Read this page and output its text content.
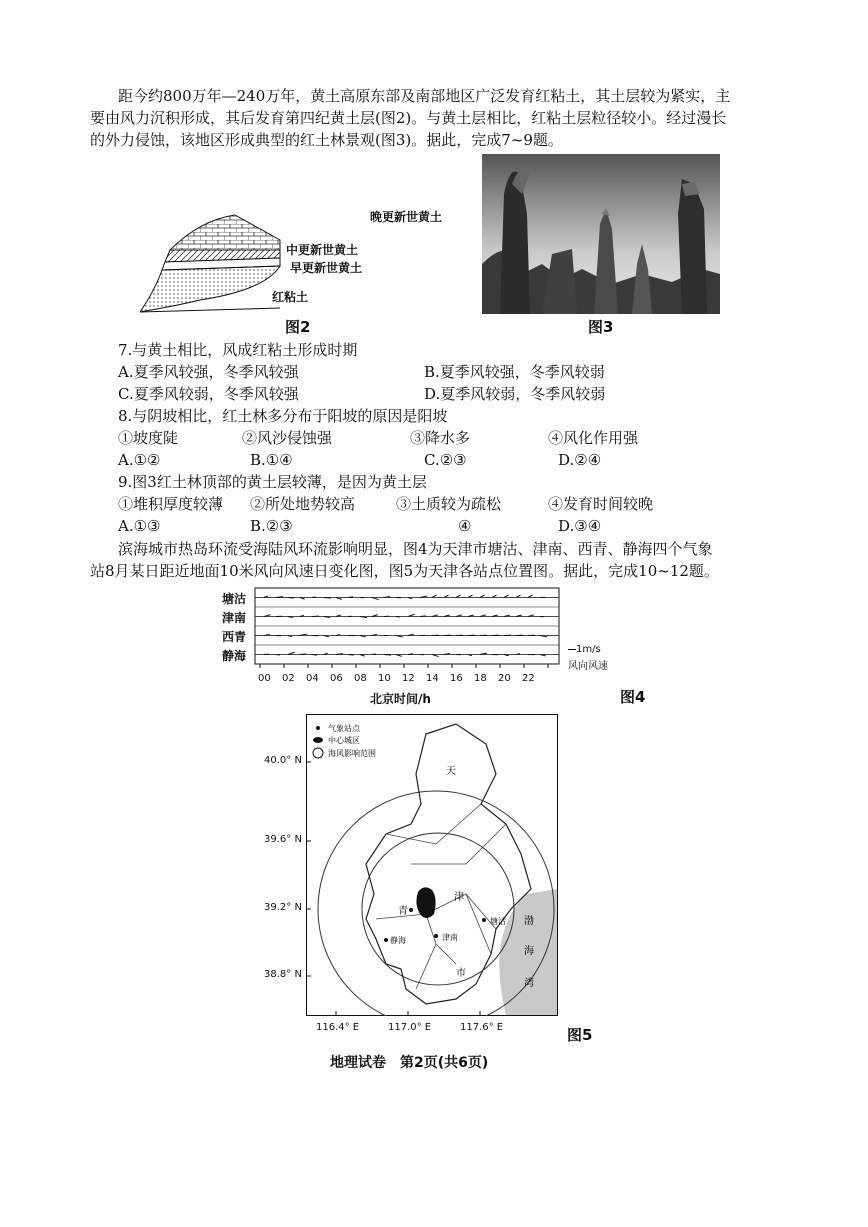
距今约800万年—240万年，黄土高原东部及南部地区广泛发育红粘土，其土层较为紧实，主
要由风力沉积形成，其后发育第四纪黄土层(图2)。与黄土层相比，红粘土层粒径较小。经过漫长
的外力侵蚀，该地区形成典型的红土林景观(图3)。据此，完成7~9题。
晚更新世黄土
中更新世黄土
早更新世黄土
红粘土
图2	图3
7.与黄土相比，风成红粘土形成时期
A.夏季风较强，冬季风较强	B.夏季风较强，冬季风较弱
C.夏季风较弱，冬季风较强	D.夏季风较弱，冬季风较弱
8.与阴坡相比，红土林多分布于阳坡的原因是阳坡
①坡度陡	②风沙侵蚀强	③降水多	④风化作用强
A.①②	B.①④	C.②③	D.②④
9.图3红土林顶部的黄土层较薄，是因为黄土层
①堆积厚度较薄 ②所处地势较高	③土质较为疏松	④发育时间较晚
A.①③	B.②③	④	D.③④
滨海城市热岛环流受海陆风环流影响明显，图4为天津市塘沽、津南、西青、静海四个气象
站8月某日距近地面10米风向风速日变化图，图5为天津各站点位置图。据此，完成10~12题。
塘沽
津南
西青
静海
00 02 04 06 08 10 12 14 16 18 20 22
北京时间/h
1m/s
风向风速
图4
气象站点
中心城区
海风影响范围
天
津
市
青
津南
塘沽
静海
渤
海
湾
40.0° N
39.6° N
39.2° N
38.8° N
116.4° E	117.0° E	117.6° E	图5
地理试卷　第2页(共6页)
